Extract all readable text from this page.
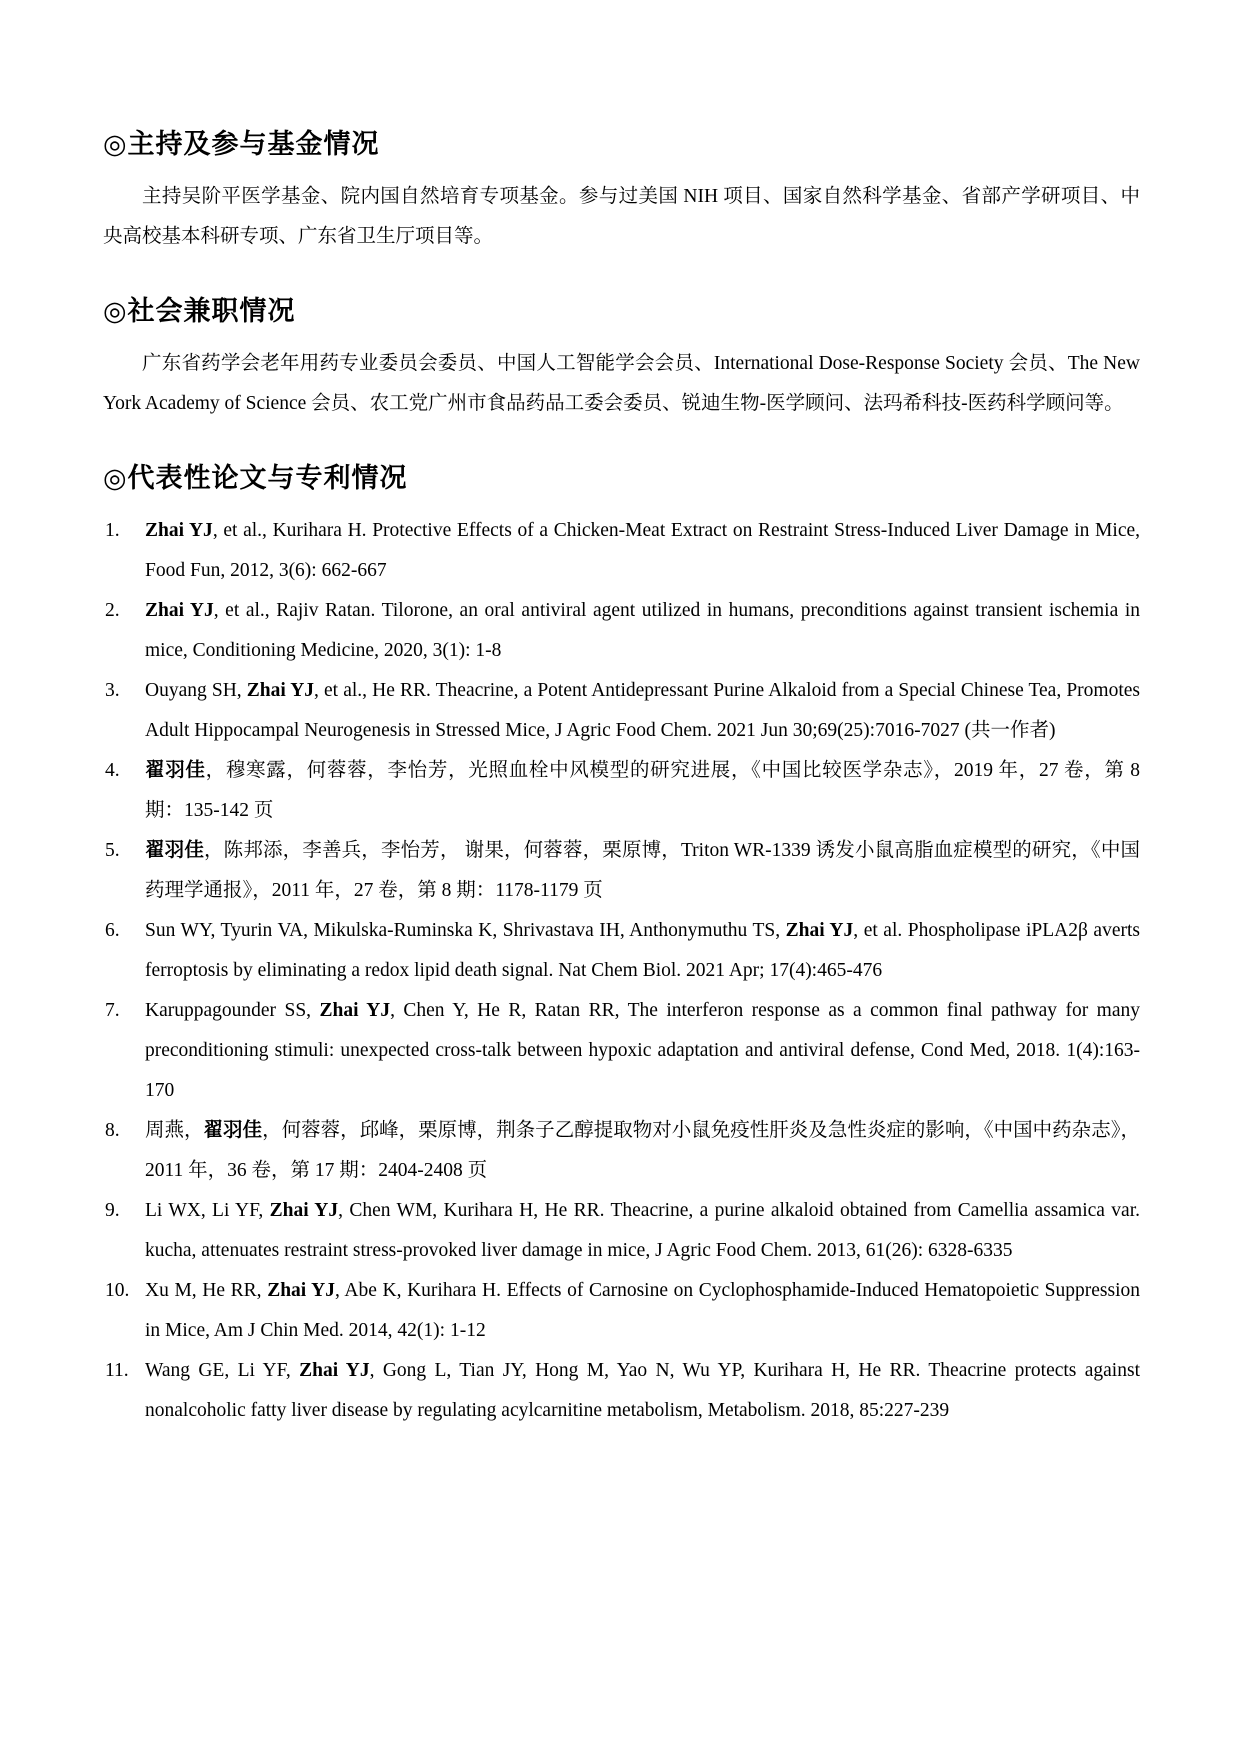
◎主持及参与基金情况

主持吴阶平医学基金、院内国自然培育专项基金。参与过美国 NIH 项目、国家自然科学基金、省部产学研项目、中央高校基本科研专项、广东省卫生厅项目等。

◎社会兼职情况

广东省药学会老年用药专业委员会委员、中国人工智能学会会员、International Dose-Response Society 会员、The New York Academy of Science 会员、农工党广州市食品药品工委会委员、锐迪生物-医学顾问、法玛希科技-医药科学顾问等。

◎代表性论文与专利情况
1. Zhai YJ, et al., Kurihara H. Protective Effects of a Chicken-Meat Extract on Restraint Stress-Induced Liver Damage in Mice, Food Fun, 2012, 3(6): 662-667
2. Zhai YJ, et al., Rajiv Ratan. Tilorone, an oral antiviral agent utilized in humans, preconditions against transient ischemia in mice, Conditioning Medicine, 2020, 3(1): 1-8
3. Ouyang SH, Zhai YJ, et al., He RR. Theacrine, a Potent Antidepressant Purine Alkaloid from a Special Chinese Tea, Promotes Adult Hippocampal Neurogenesis in Stressed Mice, J Agric Food Chem. 2021 Jun 30;69(25):7016-7027 (共一作者)
4. 翟羽佳，穆寒露，何蓉蓉，李怡芳，光照血栓中风模型的研究进展，《中国比较医学杂志》，2019 年，27 卷，第 8 期：135-142 页
5. 翟羽佳，陈邦添，李善兵，李怡芳， 谢果，何蓉蓉，栗原博，Triton WR-1339 诱发小鼠高脂血症模型的研究，《中国药理学通报》，2011 年，27 卷，第 8 期：1178-1179 页
6. Sun WY, Tyurin VA, Mikulska-Ruminska K, Shrivastava IH, Anthonymuthu TS, Zhai YJ, et al. Phospholipase iPLA2β averts ferroptosis by eliminating a redox lipid death signal. Nat Chem Biol. 2021 Apr; 17(4):465-476
7. Karuppagounder SS, Zhai YJ, Chen Y, He R, Ratan RR, The interferon response as a common final pathway for many preconditioning stimuli: unexpected cross-talk between hypoxic adaptation and antiviral defense, Cond Med, 2018. 1(4):163-170
8. 周燕，翟羽佳，何蓉蓉，邱峰，栗原博，荆条子乙醇提取物对小鼠免疫性肝炎及急性炎症的影响，《中国中药杂志》，2011 年，36 卷，第 17 期：2404-2408 页
9. Li WX, Li YF, Zhai YJ, Chen WM, Kurihara H, He RR. Theacrine, a purine alkaloid obtained from Camellia assamica var. kucha, attenuates restraint stress-provoked liver damage in mice, J Agric Food Chem. 2013, 61(26): 6328-6335
10. Xu M, He RR, Zhai YJ, Abe K, Kurihara H. Effects of Carnosine on Cyclophosphamide-Induced Hematopoietic Suppression in Mice, Am J Chin Med. 2014, 42(1): 1-12
11. Wang GE, Li YF, Zhai YJ, Gong L, Tian JY, Hong M, Yao N, Wu YP, Kurihara H, He RR. Theacrine protects against nonalcoholic fatty liver disease by regulating acylcarnitine metabolism, Metabolism. 2018, 85:227-239
